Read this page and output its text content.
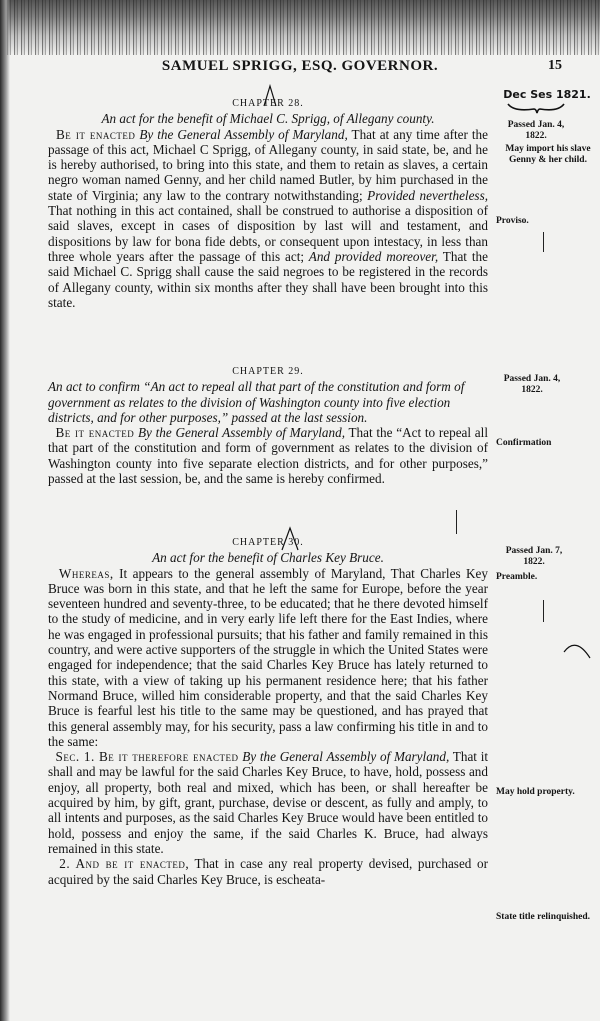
SAMUEL SPRIGG, ESQ. GOVERNOR.	15
Dec Ses 1821.

CHAPTER 28.

An act for the benefit of Michael C. Sprigg, of Allegany county.

Be it enacted By the General Assembly of Maryland, That at any time after the passage of this act, Michael C Sprigg, of Allegany county, in said state, be, and he is hereby authorised, to bring into this state, and them to retain as slaves, a certain negro woman named Genny, and her child named Butler, by him purchased in the state of Virginia; any law to the contrary notwithstanding; Provided nevertheless, That nothing in this act contained, shall be construed to authorise a disposition of said slaves, except in cases of disposition by last will and testament, and dispositions by law for bona fide debts, or consequent upon intestacy, in less than three whole years after the passage of this act; And provided moreover, That the said Michael C. Sprigg shall cause the said negroes to be registered in the records of Allegany county, within six months after they shall have been brought into this state.

Passed Jan. 4, 1822.
May import his slave Genny & her child.
Proviso.

CHAPTER 29.

An act to confirm “An act to repeal all that part of the constitution and form of government as relates to the division of Washington county into five election districts, and for other purposes,” passed at the last session.

Be it enacted By the General Assembly of Maryland, That the “Act to repeal all that part of the constitution and form of government as relates to the division of Washington county into five separate election districts, and for other purposes,” passed at the last session, be, and the same is hereby confirmed.

Passed Jan. 4, 1822.
Confirmation

CHAPTER 30.

An act for the benefit of Charles Key Bruce.

Whereas, It appears to the general assembly of Maryland, That Charles Key Bruce was born in this state, and that he left the same for Europe, before the year seventeen hundred and seventy-three, to be educated; that he there devoted himself to the study of medicine, and in very early life left there for the East Indies, where he was engaged in professional pursuits; that his father and family remained in this country, and were active supporters of the struggle in which the United States were engaged for independence; that the said Charles Key Bruce has lately returned to this state, with a view of taking up his permanent residence here; that his father Normand Bruce, willed him considerable property, and that the said Charles Key Bruce is fearful lest his title to the same may be questioned, and has prayed that this general assembly may, for his security, pass a law confirming his title in and to the same:

Sec. 1. Be it therefore enacted By the General Assembly of Maryland, That it shall and may be lawful for the said Charles Key Bruce, to have, hold, possess and enjoy, all property, both real and mixed, which has been, or shall hereafter be acquired by him, by gift, grant, purchase, devise or descent, as fully and amply, to all intents and purposes, as the said Charles Key Bruce would have been entitled to hold, possess and enjoy the same, if the said Charles K. Bruce, had always remained in this state.

2. And be it enacted, That in case any real property devised, purchased or acquired by the said Charles Key Bruce, is escheata-

Passed Jan. 7, 1822.
Preamble.
May hold property.
State title relinquished.
